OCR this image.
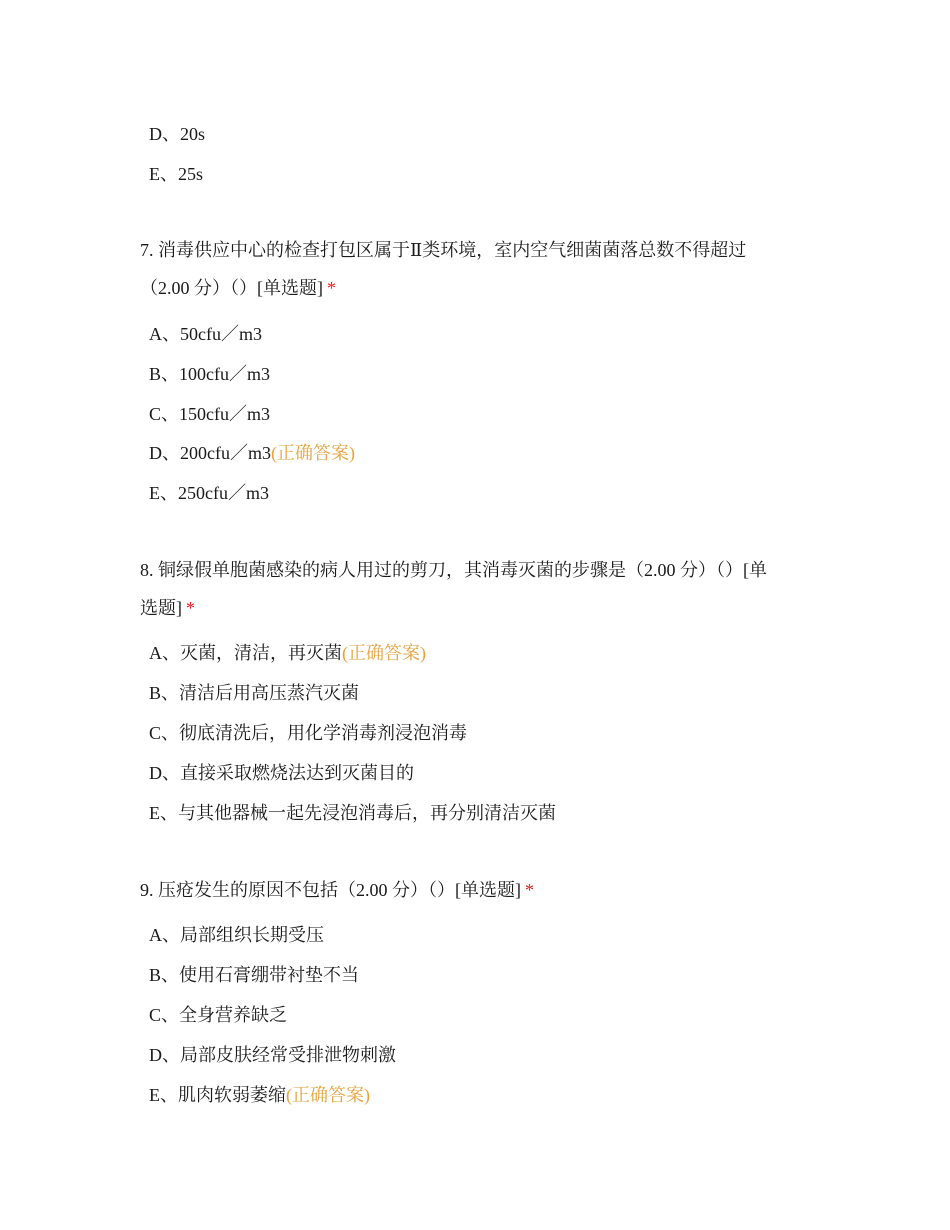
D、20s
E、25s
7. 消毒供应中心的检查打包区属于Ⅱ类环境，室内空气细菌菌落总数不得超过
（2.00 分）（）[单选题] *
A、50cfu／m3
B、100cfu／m3
C、150cfu／m3
D、200cfu／m3(正确答案)
E、250cfu／m3
8. 铜绿假单胞菌感染的病人用过的剪刀，其消毒灭菌的步骤是（2.00 分）（）[单
选题] *
A、灭菌，清洁，再灭菌(正确答案)
B、清洁后用高压蒸汽灭菌
C、彻底清洗后，用化学消毒剂浸泡消毒
D、直接采取燃烧法达到灭菌目的
E、与其他器械一起先浸泡消毒后，再分别清洁灭菌
9. 压疮发生的原因不包括（2.00 分）（）[单选题] *
A、局部组织长期受压
B、使用石膏绷带衬垫不当
C、全身营养缺乏
D、局部皮肤经常受排泄物刺激
E、肌肉软弱萎缩(正确答案)
